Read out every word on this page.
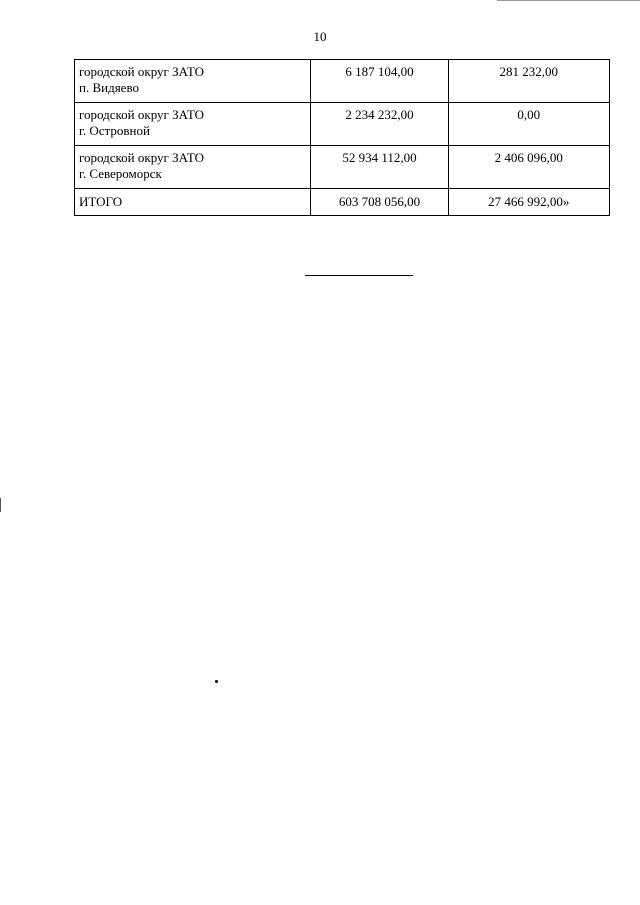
10
городской округ ЗАТО
п. Видяево	6 187 104,00	281 232,00

городской округ ЗАТО
г. Островной	2 234 232,00	0,00

городской округ ЗАТО
г. Североморск	52 934 112,00	2 406 096,00
ИТОГО	603 708 056,00	27 466 992,00»
